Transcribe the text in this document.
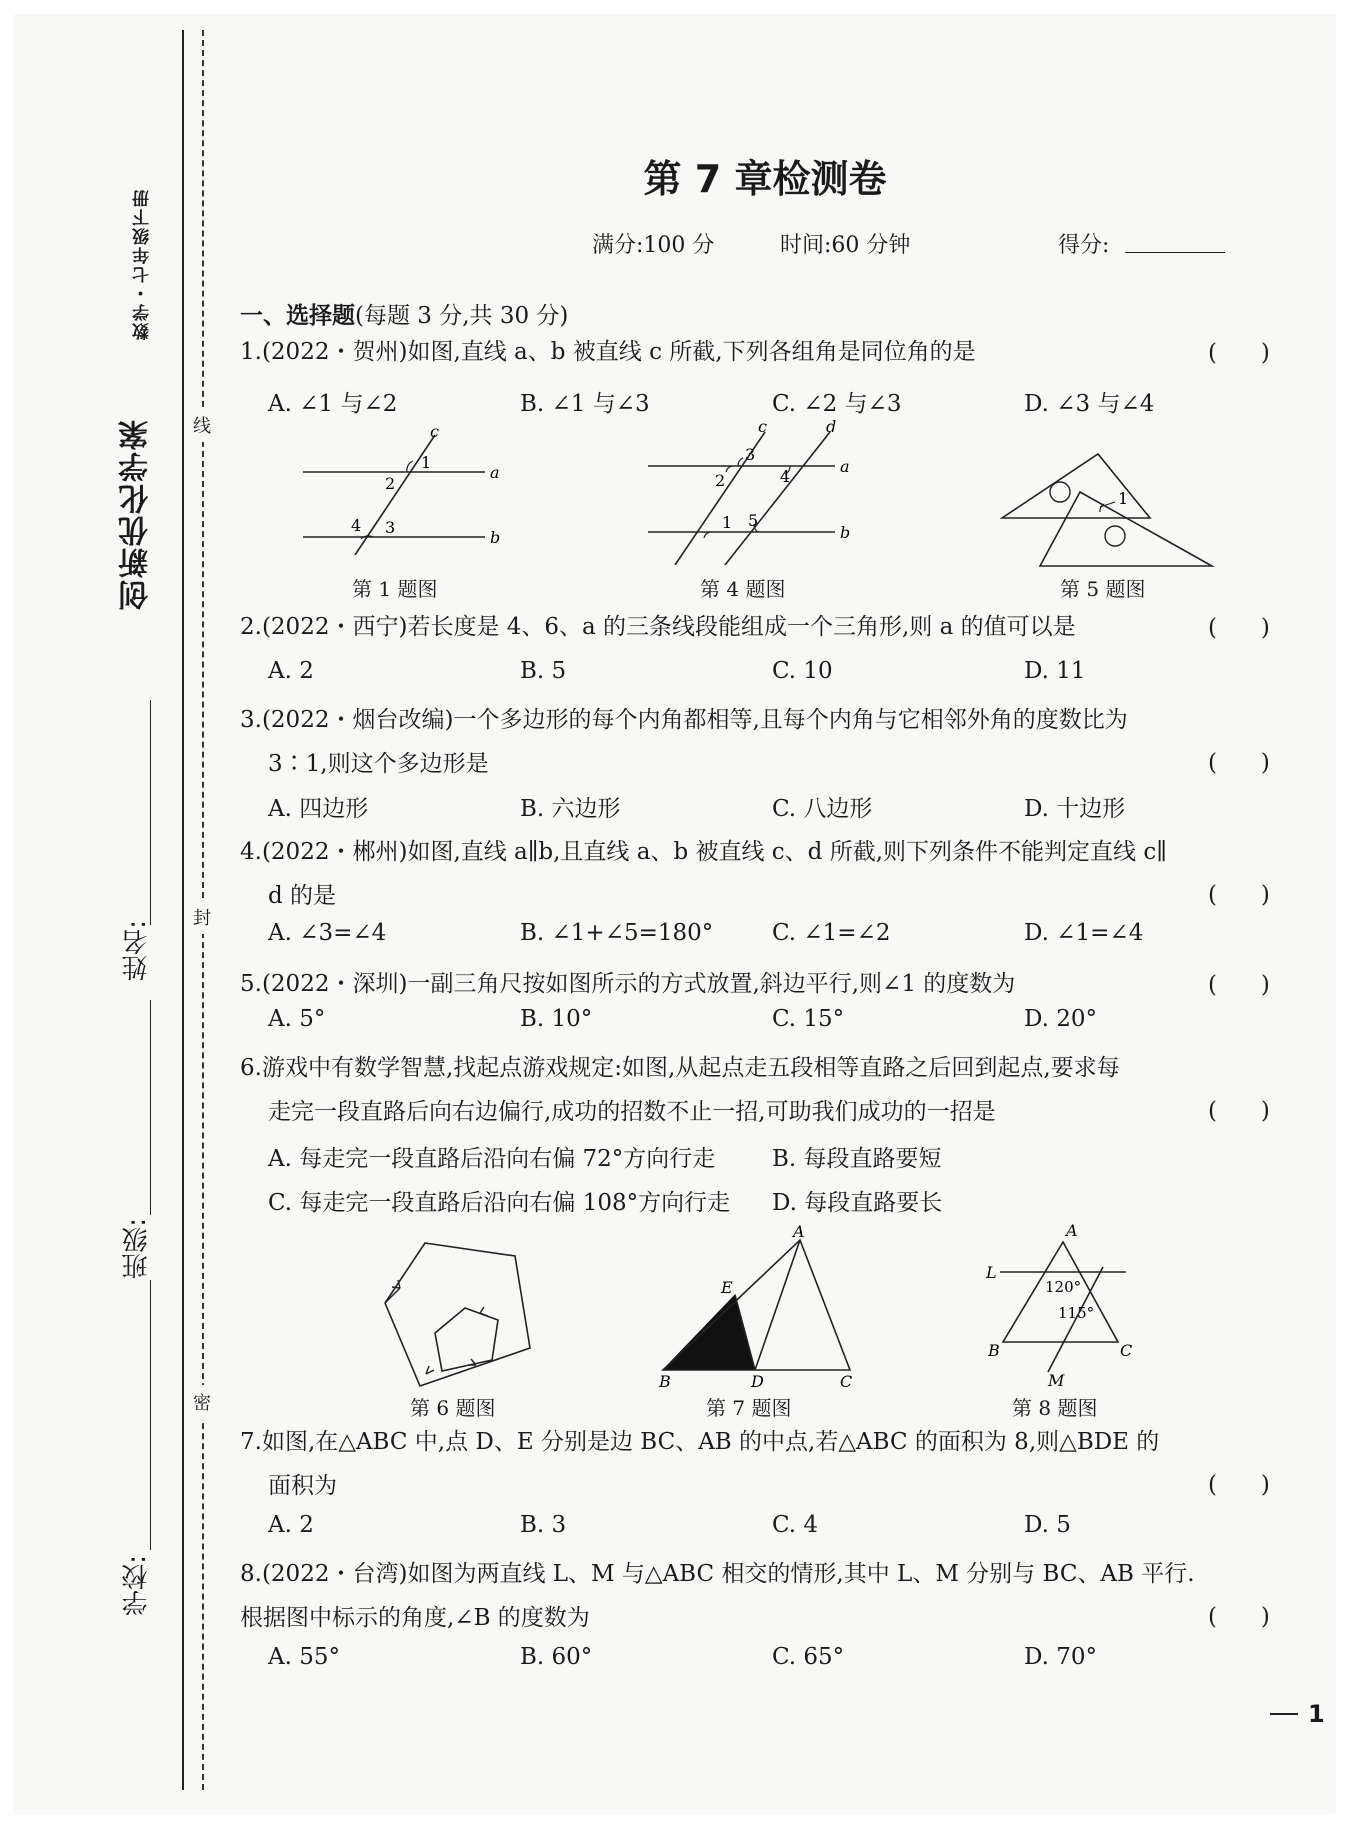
数学・七年级下册
创新优化学案
姓名:
班级:
学校:
线
封
密
第 7 章检测卷
满分:100 分	时间:60 分钟	得分:
一、选择题(每题 3 分,共 30 分)
1.(2022・贺州)如图,直线 a、b 被直线 c 所截,下列各组角是同位角的是	(      )
A. ∠1 与∠2	B. ∠1 与∠3	C. ∠2 与∠3	D. ∠3 与∠4
c
a
b
1
2
3
4
第 1 题图
c	d
a
b
2
3
4
1 5
第 4 题图
1
第 5 题图
2.(2022・西宁)若长度是 4、6、a 的三条线段能组成一个三角形,则 a 的值可以是	(      )
A. 2	B. 5	C. 10	D. 11
3.(2022・烟台改编)一个多边形的每个内角都相等,且每个内角与它相邻外角的度数比为
3∶1,则这个多边形是	(      )
A. 四边形	B. 六边形	C. 八边形	D. 十边形
4.(2022・郴州)如图,直线 a∥b,且直线 a、b 被直线 c、d 所截,则下列条件不能判定直线 c∥
d 的是	(      )
A. ∠3=∠4	B. ∠1+∠5=180°	C. ∠1=∠2	D. ∠1=∠4
5.(2022・深圳)一副三角尺按如图所示的方式放置,斜边平行,则∠1 的度数为	(      )
A. 5°	B. 10°	C. 15°	D. 20°
6.游戏中有数学智慧,找起点游戏规定:如图,从起点走五段相等直路之后回到起点,要求每
走完一段直路后向右边偏行,成功的招数不止一招,可助我们成功的一招是	(      )
A. 每走完一段直路后沿向右偏 72°方向行走 B. 每段直路要短
C. 每走完一段直路后沿向右偏 108°方向行走 D. 每段直路要长
第 6 题图
A
B	D	C
E
第 7 题图
A
B	C
L
M
120°
115°
第 8 题图
7.如图,在△ABC 中,点 D、E 分别是边 BC、AB 的中点,若△ABC 的面积为 8,则△BDE 的
面积为	(      )
A. 2	B. 3	C. 4	D. 5
8.(2022・台湾)如图为两直线 L、M 与△ABC 相交的情形,其中 L、M 分别与 BC、AB 平行.
根据图中标示的角度,∠B 的度数为	(      )
A. 55°	B. 60°	C. 65°	D. 70°
1
